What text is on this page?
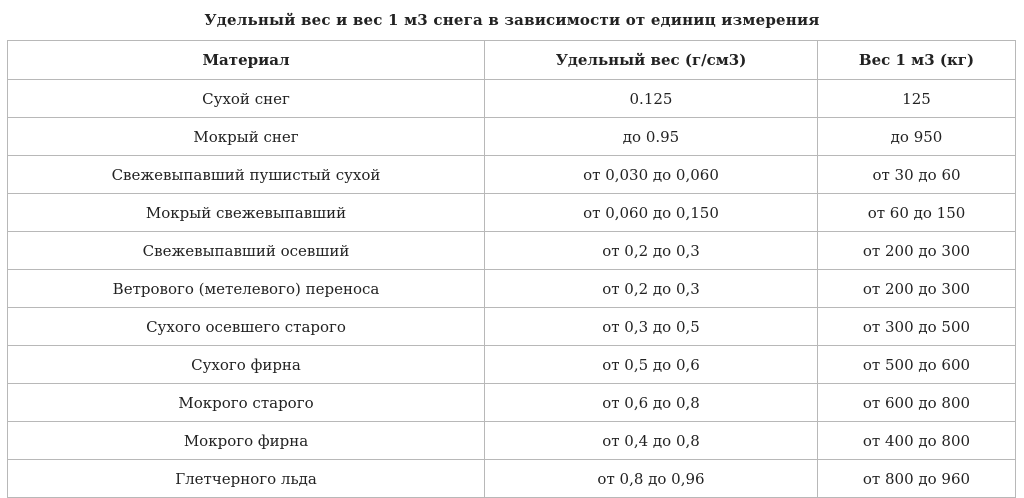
Удельный вес и вес 1 м3 снега в зависимости от единиц измерения
Материал	Удельный вес (г/см3)	Вес 1 м3 (кг)
Сухой снег	0.125	125
Мокрый снег	до 0.95	до 950
Свежевыпавший пушистый сухой	от 0,030 до 0,060	от 30 до 60
Мокрый свежевыпавший	от 0,060 до 0,150	от 60 до 150
Свежевыпавший осевший	от 0,2 до 0,3	от 200 до 300
Ветрового (метелевого) переноса	от 0,2 до 0,3	от 200 до 300
Сухого осевшего старого	от 0,3 до 0,5	от 300 до 500
Сухого фирна	от 0,5 до 0,6	от 500 до 600
Мокрого старого	от 0,6 до 0,8	от 600 до 800
Мокрого фирна	от 0,4 до 0,8	от 400 до 800
Глетчерного льда	от 0,8 до 0,96	от 800 до 960
